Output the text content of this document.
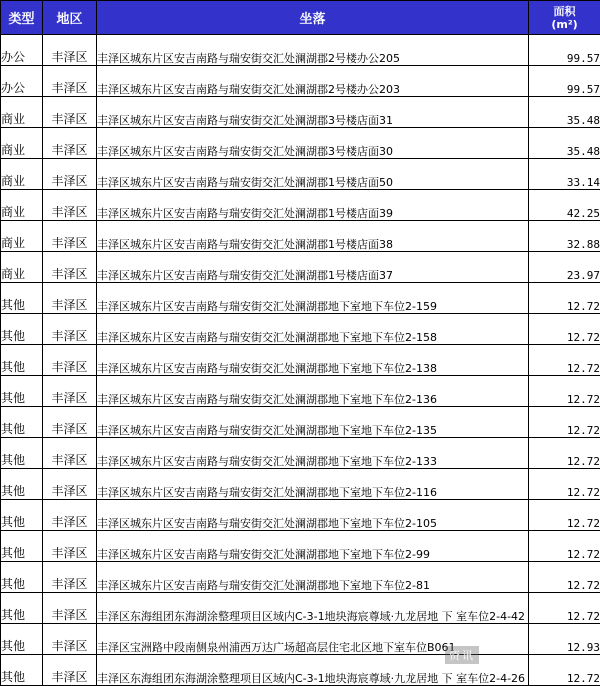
类型	地区	坐落	面积
(m²)

办公	丰泽区	丰泽区城东片区安吉南路与瑞安街交汇处澜湖郡2号楼办公205	99.57
办公	丰泽区	丰泽区城东片区安吉南路与瑞安街交汇处澜湖郡2号楼办公203	99.57
商业	丰泽区	丰泽区城东片区安吉南路与瑞安街交汇处澜湖郡3号楼店面31	35.48
商业	丰泽区	丰泽区城东片区安吉南路与瑞安街交汇处澜湖郡3号楼店面30	35.48
商业	丰泽区	丰泽区城东片区安吉南路与瑞安街交汇处澜湖郡1号楼店面50	33.14
商业	丰泽区	丰泽区城东片区安吉南路与瑞安街交汇处澜湖郡1号楼店面39	42.25
商业	丰泽区	丰泽区城东片区安吉南路与瑞安街交汇处澜湖郡1号楼店面38	32.88
商业	丰泽区	丰泽区城东片区安吉南路与瑞安街交汇处澜湖郡1号楼店面37	23.97
其他	丰泽区	丰泽区城东片区安吉南路与瑞安街交汇处澜湖郡地下室地下车位2-159	12.72
其他	丰泽区	丰泽区城东片区安吉南路与瑞安街交汇处澜湖郡地下室地下车位2-158	12.72
其他	丰泽区	丰泽区城东片区安吉南路与瑞安街交汇处澜湖郡地下室地下车位2-138	12.72
其他	丰泽区	丰泽区城东片区安吉南路与瑞安街交汇处澜湖郡地下室地下车位2-136	12.72
其他	丰泽区	丰泽区城东片区安吉南路与瑞安街交汇处澜湖郡地下室地下车位2-135	12.72
其他	丰泽区	丰泽区城东片区安吉南路与瑞安街交汇处澜湖郡地下室地下车位2-133	12.72
其他	丰泽区	丰泽区城东片区安吉南路与瑞安街交汇处澜湖郡地下室地下车位2-116	12.72
其他	丰泽区	丰泽区城东片区安吉南路与瑞安街交汇处澜湖郡地下室地下车位2-105	12.72
其他	丰泽区	丰泽区城东片区安吉南路与瑞安街交汇处澜湖郡地下室地下车位2-99	12.72
其他	丰泽区	丰泽区城东片区安吉南路与瑞安街交汇处澜湖郡地下室地下车位2-81	12.72
其他	丰泽区	丰泽区东海组团东海湖涂整理项目区域内C-3-1地块海宸尊域·九龙居地 下 室车位2-4-42	12.72
其他	丰泽区	丰泽区宝洲路中段南侧泉州浦西万达广场超高层住宅北区地下室车位B061	12.93
其他	丰泽区	丰泽区东海组团东海湖涂整理项目区域内C-3-1地块海宸尊域·九龙居地 下 室车位2-4-26	12.72
资讯
